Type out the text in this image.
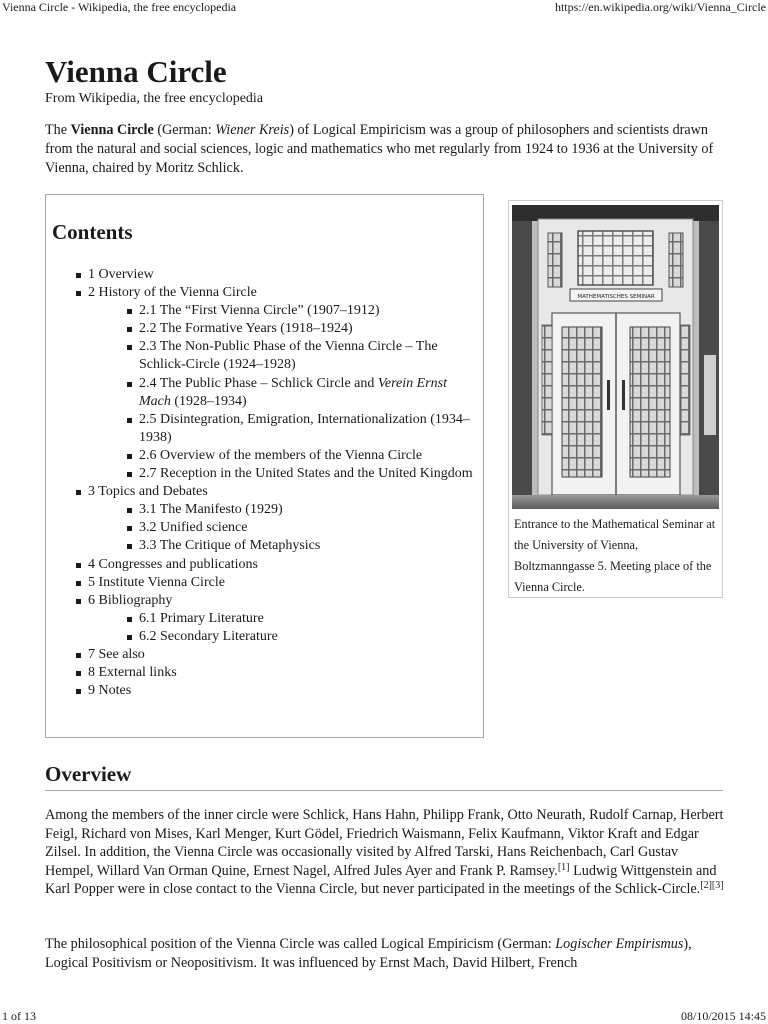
Vienna Circle - Wikipedia, the free encyclopedia	https://en.wikipedia.org/wiki/Vienna_Circle
Vienna Circle
From Wikipedia, the free encyclopedia

The Vienna Circle (German: Wiener Kreis) of Logical Empiricism was a group of philosophers and scientists drawn from the natural and social sciences, logic and mathematics who met regularly from 1924 to 1936 at the University of Vienna, chaired by Moritz Schlick.

Contents
1 Overview
2 History of the Vienna Circle
2.1 The “First Vienna Circle” (1907–1912)
2.2 The Formative Years (1918–1924)
2.3 The Non-Public Phase of the Vienna Circle – The Schlick-Circle (1924–1928)
2.4 The Public Phase – Schlick Circle and Verein Ernst Mach (1928–1934)
2.5 Disintegration, Emigration, Internationalization (1934–1938)
2.6 Overview of the members of the Vienna Circle
2.7 Reception in the United States and the United Kingdom
3 Topics and Debates
3.1 The Manifesto (1929)
3.2 Unified science
3.3 The Critique of Metaphysics
4 Congresses and publications
5 Institute Vienna Circle
6 Bibliography
6.1 Primary Literature
6.2 Secondary Literature
7 See also
8 External links
9 Notes
MATHEMATISCHES SEMINAR
Entrance to the Mathematical Seminar at the University of Vienna, Boltzmanngasse 5. Meeting place of the Vienna Circle.
Overview

Among the members of the inner circle were Schlick, Hans Hahn, Philipp Frank, Otto Neurath, Rudolf Carnap, Herbert Feigl, Richard von Mises, Karl Menger, Kurt Gödel, Friedrich Waismann, Felix Kaufmann, Viktor Kraft and Edgar Zilsel. In addition, the Vienna Circle was occasionally visited by Alfred Tarski, Hans Reichenbach, Carl Gustav Hempel, Willard Van Orman Quine, Ernest Nagel, Alfred Jules Ayer and Frank P. Ramsey.[1] Ludwig Wittgenstein and Karl Popper were in close contact to the Vienna Circle, but never participated in the meetings of the Schlick-Circle.[2][3]

The philosophical position of the Vienna Circle was called Logical Empiricism (German: Logischer Empirismus), Logical Positivism or Neopositivism. It was influenced by Ernst Mach, David Hilbert, French

1 of 13	08/10/2015 14:45
